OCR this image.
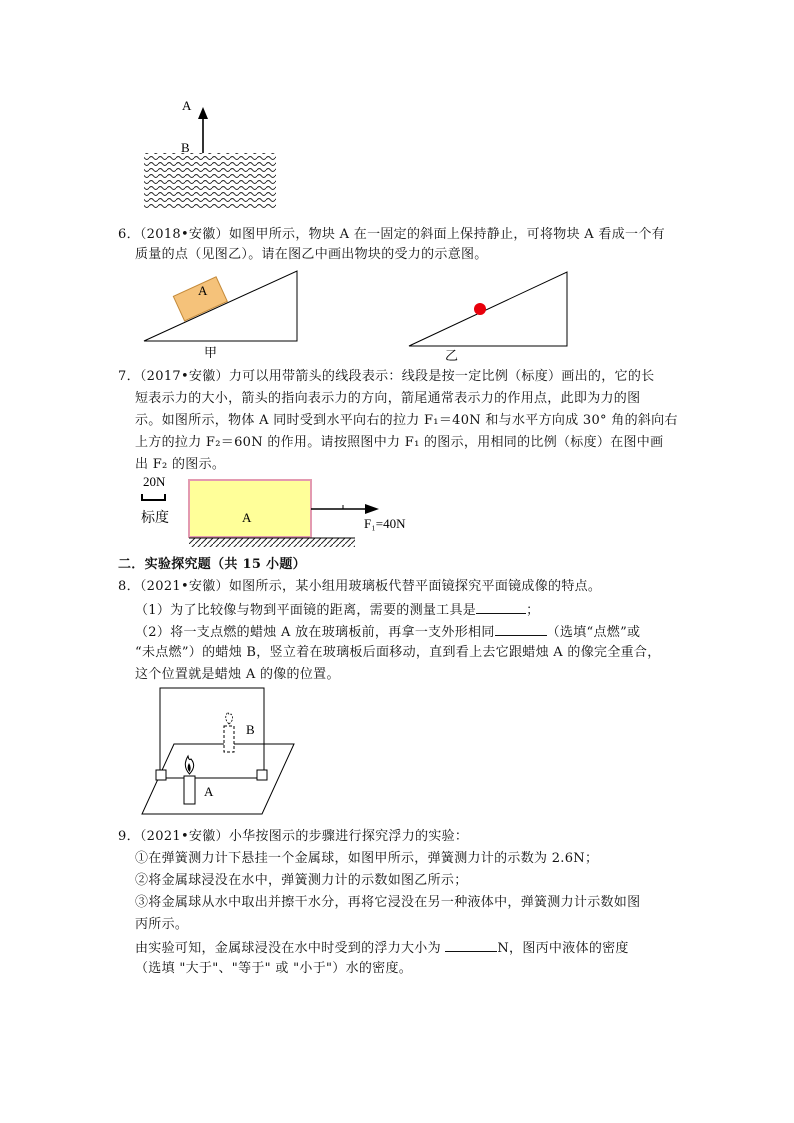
A
B
6．（2018•安徽）如图甲所示，物块 A 在一固定的斜面上保持静止，可将物块 A 看成一个有
质量的点（见图乙）。请在图乙中画出物块的受力的示意图。
A
甲	乙
7．（2017•安徽）力可以用带箭头的线段表示：线段是按一定比例（标度）画出的，它的长
短表示力的大小，箭头的指向表示力的方向，箭尾通常表示力的作用点，此即为力的图
示。如图所示，物体 A 同时受到水平向右的拉力 F₁＝40N 和与水平方向成 30° 角的斜向右
上方的拉力 F₂＝60N 的作用。请按照图中力 F₁ 的图示，用相同的比例（标度）在图中画
出 F₂ 的图示。
20N
标度	A	F₁=40N
二．实验探究题（共 15 小题）
8．（2021•安徽）如图所示，某小组用玻璃板代替平面镜探究平面镜成像的特点。
（1）为了比较像与物到平面镜的距离，需要的测量工具是	；
（2）将一支点燃的蜡烛 A 放在玻璃板前，再拿一支外形相同	（选填“点燃”或
“未点燃”）的蜡烛 B，竖立着在玻璃板后面移动，直到看上去它跟蜡烛 A 的像完全重合，
这个位置就是蜡烛 A 的像的位置。
B
A
9．（2021•安徽）小华按图示的步骤进行探究浮力的实验：
①在弹簧测力计下悬挂一个金属球，如图甲所示，弹簧测力计的示数为 2.6N；
②将金属球浸没在水中，弹簧测力计的示数如图乙所示；
③将金属球从水中取出并擦干水分，再将它浸没在另一种液体中，弹簧测力计示数如图
丙所示。
由实验可知，金属球浸没在水中时受到的浮力大小为	N，图丙中液体的密度
（选填 "大于"、"等于" 或 "小于"）水的密度。
